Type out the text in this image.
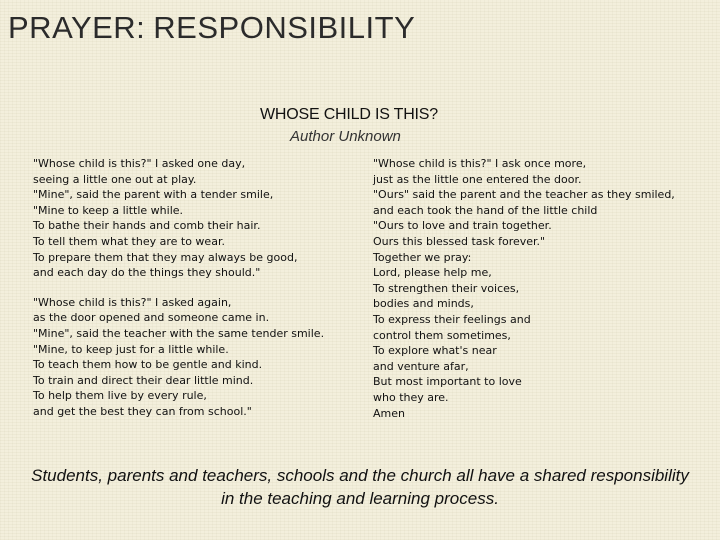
PRAYER: RESPONSIBILITY
WHOSE CHILD IS THIS?

Author Unknown

"Whose child is this?" I asked one day,
seeing a little one out at play.
"Mine", said the parent with a tender smile,
"Mine to keep a little while.
To bathe their hands and comb their hair.
To tell them what they are to wear.
To prepare them that they may always be good,
and each day do the things they should."
"Whose child is this?" I asked again,
as the door opened and someone came in.
"Mine", said the teacher with the same tender smile.
"Mine, to keep just for a little while.
To teach them how to be gentle and kind.
To train and direct their dear little mind.
To help them live by every rule,
and get the best they can from school."
"Whose child is this?" I ask once more,
just as the little one entered the door.
"Ours" said the parent and the teacher as they smiled,
and each took the hand of the little child
"Ours to love and train together.
Ours this blessed task forever."
Together we pray:
Lord, please help me,
To strengthen their voices,
bodies and minds,
To express their feelings and
control them sometimes,
To explore what's near
and venture afar,
But most important to love
who they are.
Amen
Students, parents and teachers, schools and the church all have a shared responsibility
in the teaching and learning process.
